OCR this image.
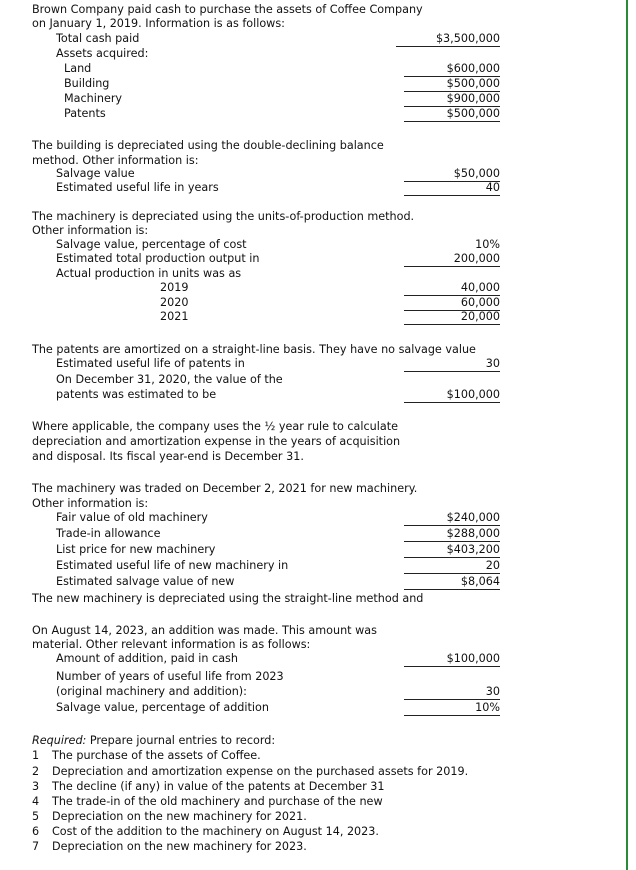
Brown Company paid cash to purchase the assets of Coffee Company
on January 1, 2019. Information is as follows:
Total cash paid	$3,500,000
Assets acquired:
Land	$600,000
Building	$500,000
Machinery	$900,000
Patents	$500,000
The building is depreciated using the double-declining balance
method. Other information is:
Salvage value	$50,000
Estimated useful life in years	40
The machinery is depreciated using the units-of-production method.
Other information is:
Salvage value, percentage of cost	10%
Estimated total production output in	200,000
Actual production in units was as
2019	40,000
2020	60,000
2021	20,000
The patents are amortized on a straight-line basis. They have no salvage value
Estimated useful life of patents in	30
On December 31, 2020, the value of the
patents was estimated to be	$100,000
Where applicable, the company uses the ½ year rule to calculate
depreciation and amortization expense in the years of acquisition
and disposal. Its fiscal year-end is December 31.
The machinery was traded on December 2, 2021 for new machinery.
Other information is:
Fair value of old machinery	$240,000
Trade-in allowance	$288,000
List price for new machinery	$403,200
Estimated useful life of new machinery in	20
Estimated salvage value of new	$8,064
The new machinery is depreciated using the straight-line method and
On August 14, 2023, an addition was made. This amount was
material. Other relevant information is as follows:
Amount of addition, paid in cash	$100,000
Number of years of useful life from 2023
(original machinery and addition):	30
Salvage value, percentage of addition	10%
Required: Prepare journal entries to record:
1 The purchase of the assets of Coffee.
2 Depreciation and amortization expense on the purchased assets for 2019.
3 The decline (if any) in value of the patents at December 31
4 The trade-in of the old machinery and purchase of the new
5 Depreciation on the new machinery for 2021.
6 Cost of the addition to the machinery on August 14, 2023.
7 Depreciation on the new machinery for 2023.
